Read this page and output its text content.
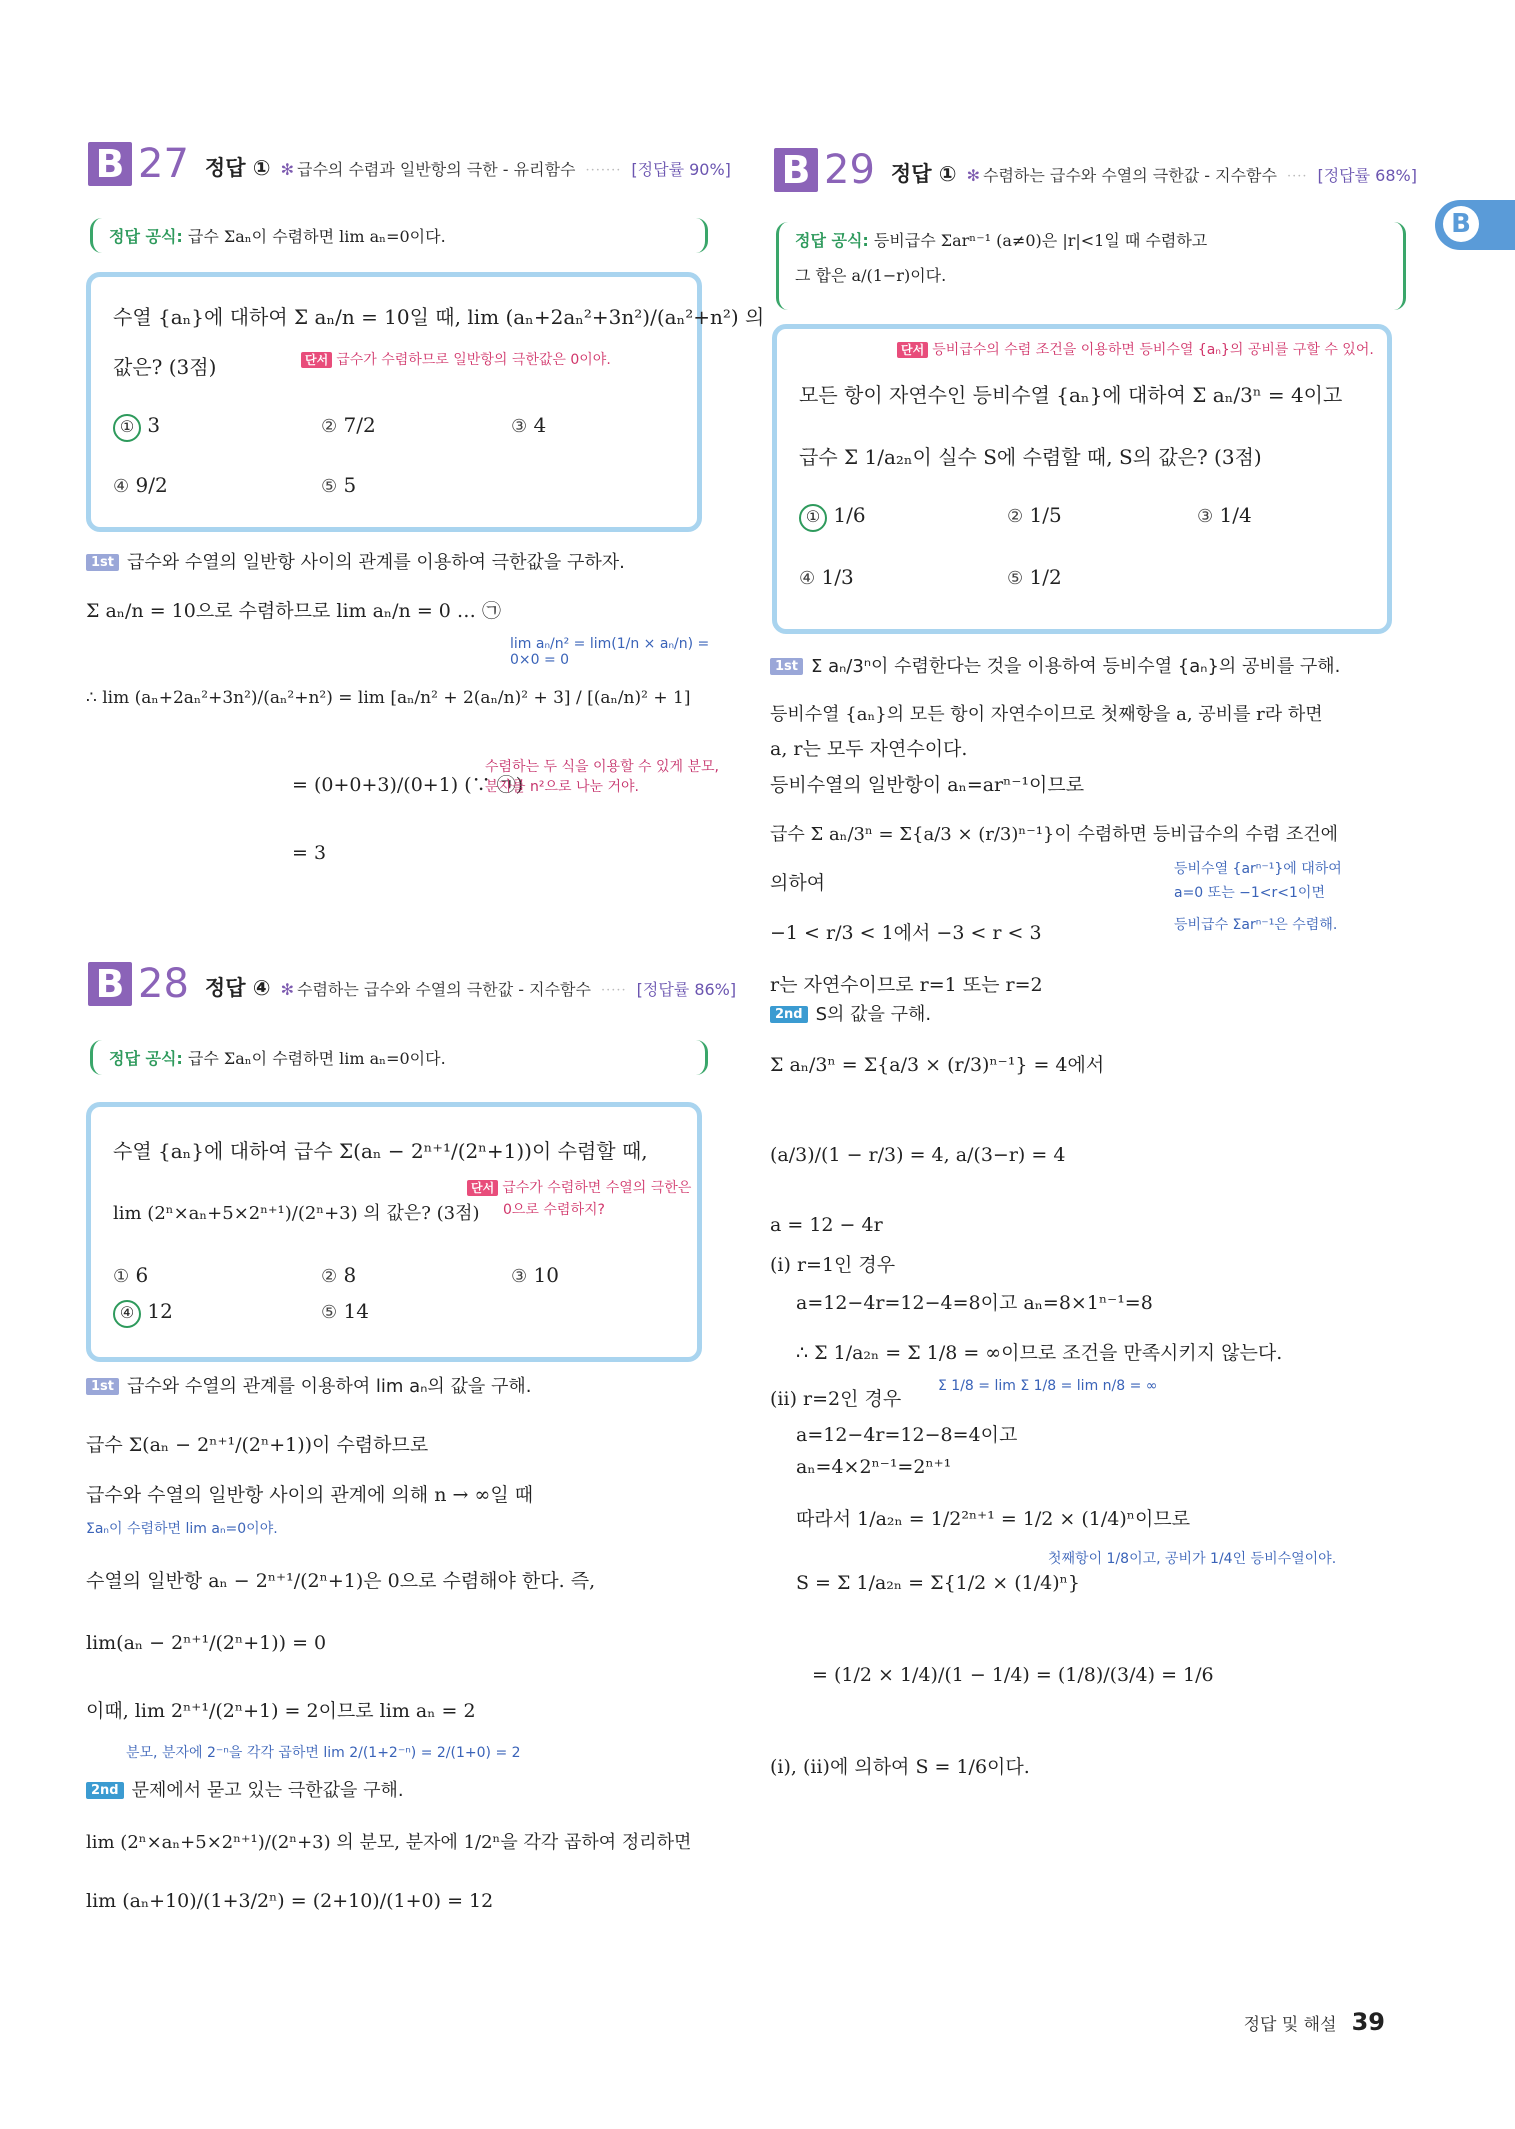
B
B 27 정답 ① ✻ 급수의 수렴과 일반항의 극한 - 유리함수 ······· [정답률 90%]
정답 공식: 급수 Σaₙ이 수렴하면 lim aₙ=0이다.
수열 {aₙ}에 대하여 Σ aₙ/n = 10일 때, lim (aₙ+2aₙ²+3n²)/(aₙ²+n²) 의
값은? (3점)	단서 급수가 수렴하므로 일반항의 극한값은 0이야.
① 3	② 7/2	③ 4
④ 9/2	⑤ 5
1st 급수와 수열의 일반항 사이의 관계를 이용하여 극한값을 구하자.
Σ aₙ/n = 10으로 수렴하므로 lim aₙ/n = 0 … ㉠
∴ lim (aₙ+2aₙ²+3n²)/(aₙ²+n²) = lim [aₙ/n² + 2(aₙ/n)² + 3] / [(aₙ/n)² + 1]
lim aₙ/n² = lim(1/n × aₙ/n) = 0×0 = 0
= (0+0+3)/(0+1) (∵ ㉠)
수렴하는 두 식을 이용할 수 있게 분모, 분자를 n²으로 나눈 거야.
= 3
B 28 정답 ④ ✻ 수렴하는 급수와 수열의 극한값 - 지수함수 ····· [정답률 86%]
정답 공식: 급수 Σaₙ이 수렴하면 lim aₙ=0이다.
수열 {aₙ}에 대하여 급수 Σ(aₙ − 2ⁿ⁺¹/(2ⁿ+1))이 수렴할 때,
lim (2ⁿ×aₙ+5×2ⁿ⁺¹)/(2ⁿ+3) 의 값은? (3점)
단서 급수가 수렴하면 수열의 극한은
0으로 수렴하지?
① 6	② 8	③ 10
④ 12	⑤ 14
1st 급수와 수열의 관계를 이용하여 lim aₙ의 값을 구해.
급수 Σ(aₙ − 2ⁿ⁺¹/(2ⁿ+1))이 수렴하므로
급수와 수열의 일반항 사이의 관계에 의해 n → ∞일 때
Σaₙ이 수렴하면 lim aₙ=0이야.
수열의 일반항 aₙ − 2ⁿ⁺¹/(2ⁿ+1)은 0으로 수렴해야 한다. 즉,
lim(aₙ − 2ⁿ⁺¹/(2ⁿ+1)) = 0
이때, lim 2ⁿ⁺¹/(2ⁿ+1) = 2이므로 lim aₙ = 2
분모, 분자에 2⁻ⁿ을 각각 곱하면 lim 2/(1+2⁻ⁿ) = 2/(1+0) = 2
2nd 문제에서 묻고 있는 극한값을 구해.
lim (2ⁿ×aₙ+5×2ⁿ⁺¹)/(2ⁿ+3) 의 분모, 분자에 1/2ⁿ을 각각 곱하여 정리하면
lim (aₙ+10)/(1+3/2ⁿ) = (2+10)/(1+0) = 12
B 29 정답 ① ✻ 수렴하는 급수와 수열의 극한값 - 지수함수 ···· [정답률 68%]
정답 공식: 등비급수 Σarⁿ⁻¹ (a≠0)은 |r|<1일 때 수렴하고
그 합은 a/(1−r)이다.
단서 등비급수의 수렴 조건을 이용하면 등비수열 {aₙ}의 공비를 구할 수 있어.
모든 항이 자연수인 등비수열 {aₙ}에 대하여 Σ aₙ/3ⁿ = 4이고
급수 Σ 1/a₂ₙ이 실수 S에 수렴할 때, S의 값은? (3점)
① 1/6	② 1/5	③ 1/4
④ 1/3	⑤ 1/2
1st Σ aₙ/3ⁿ이 수렴한다는 것을 이용하여 등비수열 {aₙ}의 공비를 구해.
등비수열 {aₙ}의 모든 항이 자연수이므로 첫째항을 a, 공비를 r라 하면
a, r는 모두 자연수이다.
등비수열의 일반항이 aₙ=arⁿ⁻¹이므로
급수 Σ aₙ/3ⁿ = Σ{a/3 × (r/3)ⁿ⁻¹}이 수렴하면 등비급수의 수렴 조건에
등비수열 {arⁿ⁻¹}에 대하여
a=0 또는 −1<r<1이면
의하여
등비급수 Σarⁿ⁻¹은 수렴해.
−1 < r/3 < 1에서 −3 < r < 3
r는 자연수이므로 r=1 또는 r=2
2nd S의 값을 구해.
Σ aₙ/3ⁿ = Σ{a/3 × (r/3)ⁿ⁻¹} = 4에서
(a/3)/(1 − r/3) = 4, a/(3−r) = 4
a = 12 − 4r
(ⅰ) r=1인 경우
a=12−4r=12−4=8이고 aₙ=8×1ⁿ⁻¹=8
∴ Σ 1/a₂ₙ = Σ 1/8 = ∞이므로 조건을 만족시키지 않는다.
Σ 1/8 = lim Σ 1/8 = lim n/8 = ∞
(ⅱ) r=2인 경우
a=12−4r=12−8=4이고
aₙ=4×2ⁿ⁻¹=2ⁿ⁺¹
따라서 1/a₂ₙ = 1/2²ⁿ⁺¹ = 1/2 × (1/4)ⁿ이므로
첫째항이 1/8이고, 공비가 1/4인 등비수열이야.
S = Σ 1/a₂ₙ = Σ{1/2 × (1/4)ⁿ}
= (1/2 × 1/4)/(1 − 1/4) = (1/8)/(3/4) = 1/6
(ⅰ), (ⅱ)에 의하여 S = 1/6이다.
정답 및 해설 39
